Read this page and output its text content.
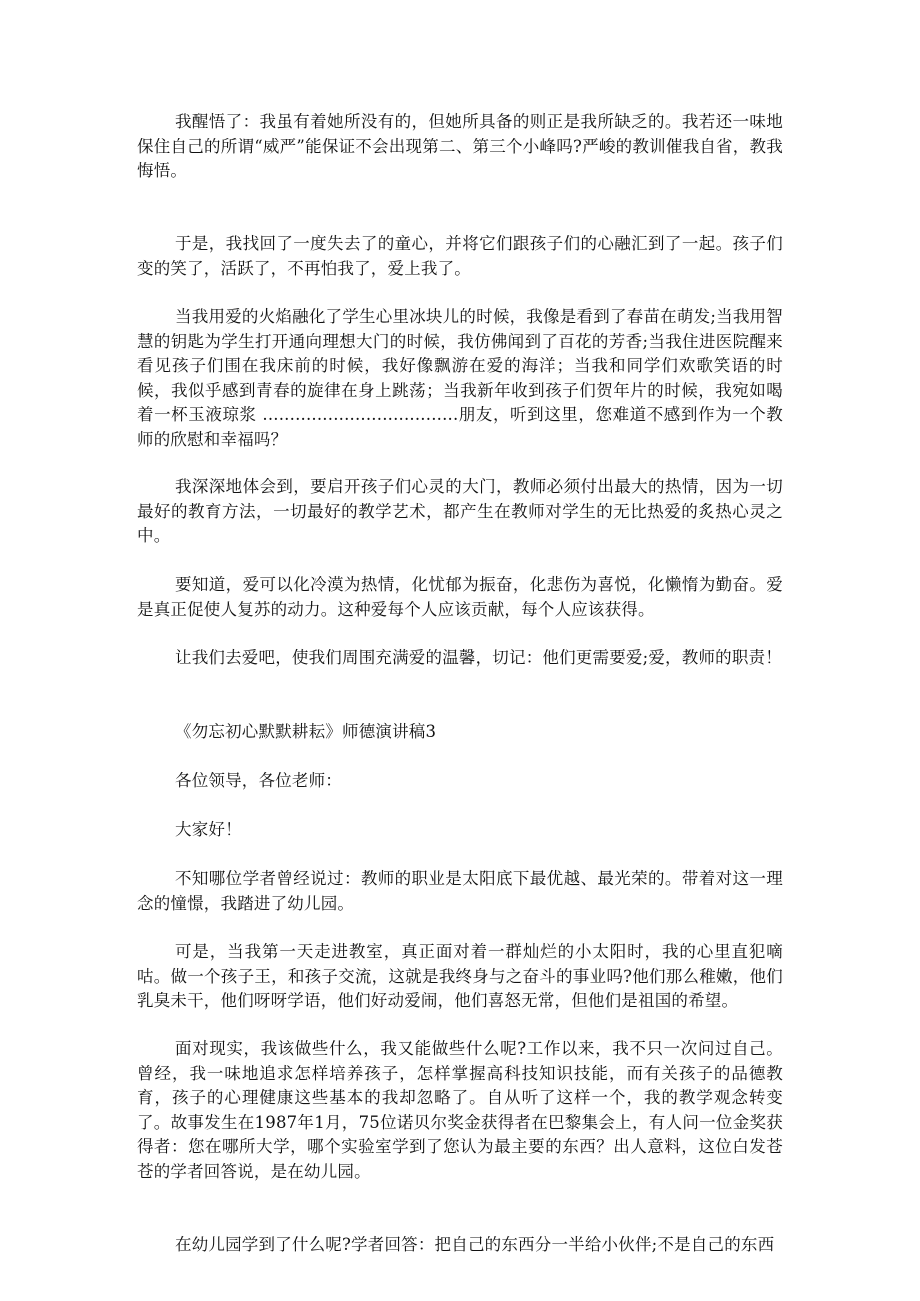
我醒悟了：我虽有着她所没有的，但她所具备的则正是我所缺乏的。我若还一味地保住自己的所谓“威严”能保证不会出现第二、第三个小峰吗?严峻的教训催我自省，教我悔悟。

于是，我找回了一度失去了的童心，并将它们跟孩子们的心融汇到了一起。孩子们变的笑了，活跃了，不再怕我了，爱上我了。

当我用爱的火焰融化了学生心里冰块儿的时候，我像是看到了春苗在萌发;当我用智慧的钥匙为学生打开通向理想大门的时候，我仿佛闻到了百花的芳香;当我住进医院醒来看见孩子们围在我床前的时候，我好像飘游在爱的海洋；当我和同学们欢歌笑语的时候，我似乎感到青春的旋律在身上跳荡；当我新年收到孩子们贺年片的时候，我宛如喝着一杯玉液琼浆 ....................................朋友，听到这里，您难道不感到作为一个教师的欣慰和幸福吗？

我深深地体会到，要启开孩子们心灵的大门，教师必须付出最大的热情，因为一切最好的教育方法，一切最好的教学艺术，都产生在教师对学生的无比热爱的炙热心灵之中。

要知道，爱可以化冷漠为热情，化忧郁为振奋，化悲伤为喜悦，化懒惰为勤奋。爱是真正促使人复苏的动力。这种爱每个人应该贡献，每个人应该获得。

让我们去爱吧，使我们周围充满爱的温馨，切记：他们更需要爱;爱，教师的职责！

《勿忘初心默默耕耘》师德演讲稿3

各位领导，各位老师：

大家好！

不知哪位学者曾经说过：教师的职业是太阳底下最优越、最光荣的。带着对这一理念的憧憬，我踏进了幼儿园。

可是，当我第一天走进教室，真正面对着一群灿烂的小太阳时，我的心里直犯嘀咕。做一个孩子王，和孩子交流，这就是我终身与之奋斗的事业吗?他们那么稚嫩，他们乳臭未干，他们呀呀学语，他们好动爱闹，他们喜怒无常，但他们是祖国的希望。

面对现实，我该做些什么，我又能做些什么呢?工作以来，我不只一次问过自己。曾经，我一味地追求怎样培养孩子，怎样掌握高科技知识技能，而有关孩子的品德教育，孩子的心理健康这些基本的我却忽略了。自从听了这样一个，我的教学观念转变了。故事发生在1987年1月，75位诺贝尔奖金获得者在巴黎集会上，有人问一位金奖获得者：您在哪所大学，哪个实验室学到了您认为最主要的东西？出人意料，这位白发苍苍的学者回答说，是在幼儿园。

在幼儿园学到了什么呢?学者回答：把自己的东西分一半给小伙伴;不是自己的东西
